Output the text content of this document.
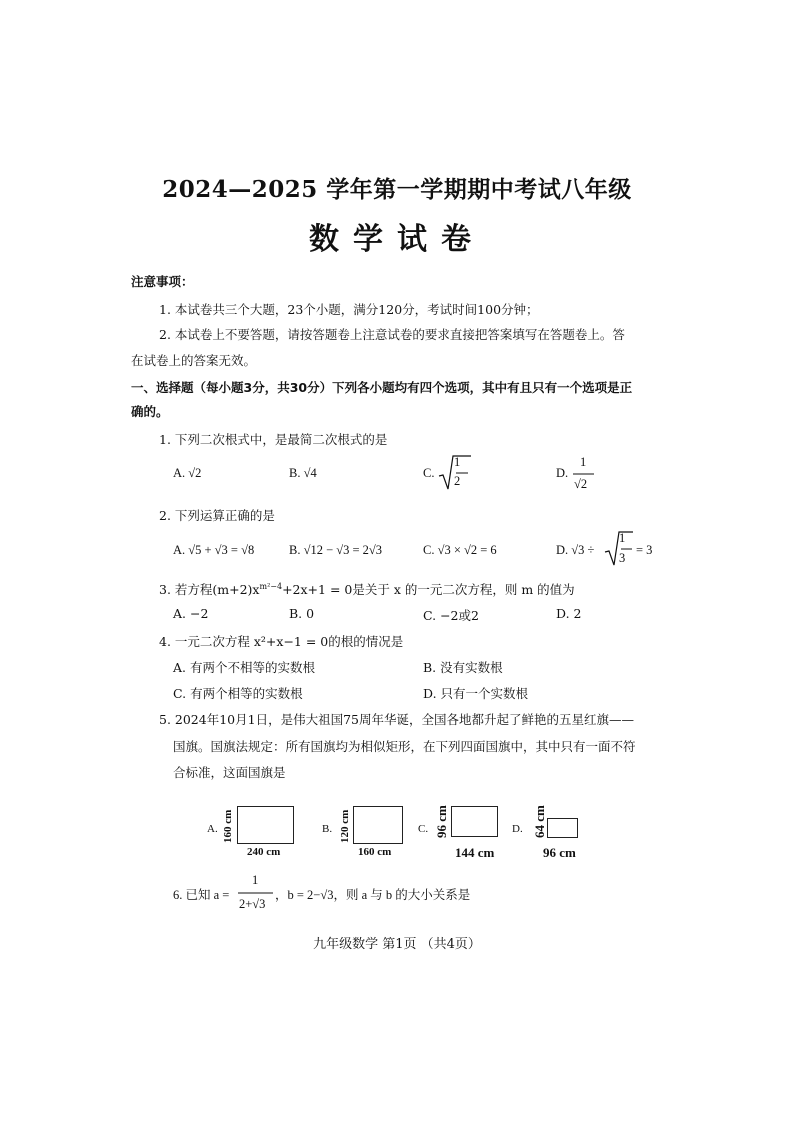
2024—2025 学年第一学期期中考试八年级
数学试卷
注意事项：
1. 本试卷共三个大题，23个小题，满分120分，考试时间100分钟；
2. 本试卷上不要答题，请按答题卷上注意试卷的要求直接把答案填写在答题卷上。答
在试卷上的答案无效。
一、选择题（每小题3分，共30分）下列各小题均有四个选项，其中有且只有一个选项是正
确的。
1. 下列二次根式中，是最简二次根式的是
A. √2	B. √4	C.
1
2
D.
1
√2
2. 下列运算正确的是
A. √5 + √3 = √8	B. √12 − √3 = 2√3	C. √3 × √2 = 6	D. √3 ÷
1
3
= 3
3. 若方程$(m+2)x^{m^2-4}+2x+1 = 0$是关于 x 的一元二次方程，则 m 的值为
A. −2	B. 0	C. −2或2	D. 2
4. 一元二次方程 x²+x−1 = 0的根的情况是
A. 有两个不相等的实数根	B. 没有实数根
C. 有两个相等的实数根	D. 只有一个实数根
5. 2024年10月1日，是伟大祖国75周年华诞，全国各地都升起了鲜艳的五星红旗——
国旗。国旗法规定：所有国旗均为相似矩形，在下列四面国旗中，其中只有一面不符
合标准，这面国旗是
A. 160 cm
240 cm
B. 120 cm
160 cm
C. 96 cm
144 cm
D. 64 cm
96 cm
6. 已知 a =
1
2+√3
，b = 2−√3，则 a 与 b 的大小关系是
九年级数学 第1页 （共4页）
